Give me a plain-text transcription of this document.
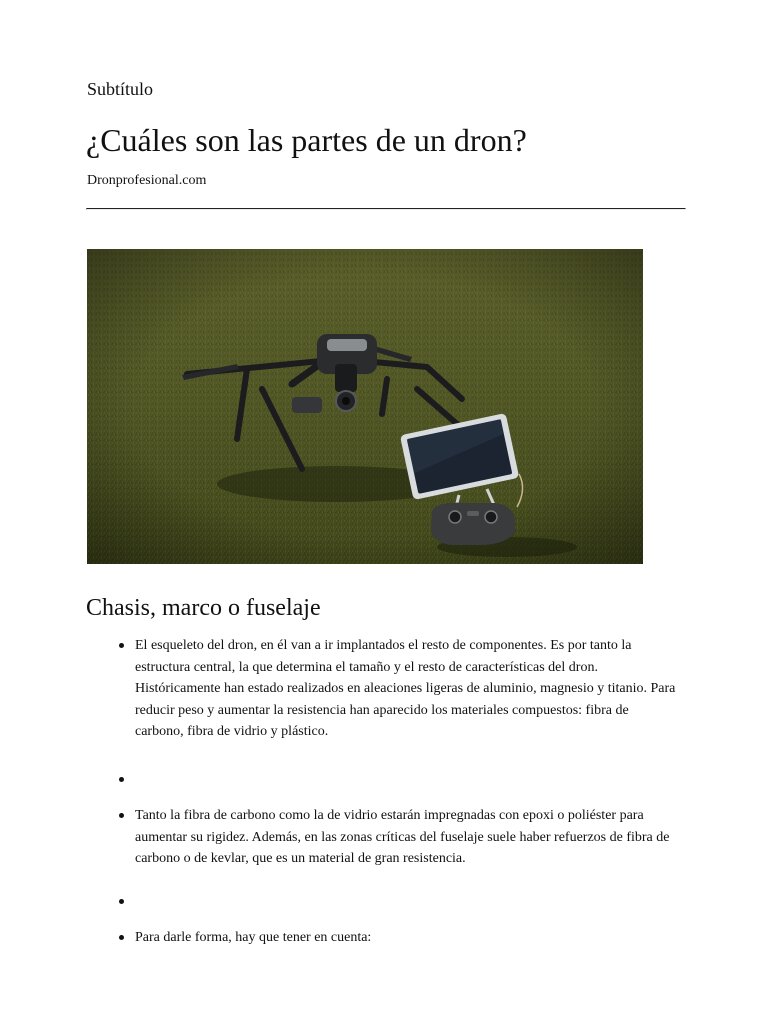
Subtítulo

¿Cuáles son las partes de un dron?

Dronprofesional.com

Chasis, marco o fuselaje
El esqueleto del dron, en él van a ir implantados el resto de componentes. Es por tanto la estructura central, la que determina el tamaño y el resto de características del dron. Históricamente han estado realizados en aleaciones ligeras de aluminio, magnesio y titanio. Para reducir peso y aumentar la resistencia han aparecido los materiales compuestos: fibra de carbono, fibra de vidrio y plástico.
Tanto la fibra de carbono como la de vidrio estarán impregnadas con epoxi o poliéster para aumentar su rigidez. Además, en las zonas críticas del fuselaje suele haber refuerzos de fibra de carbono o de kevlar, que es un material de gran resistencia.
Para darle forma, hay que tener en cuenta:
